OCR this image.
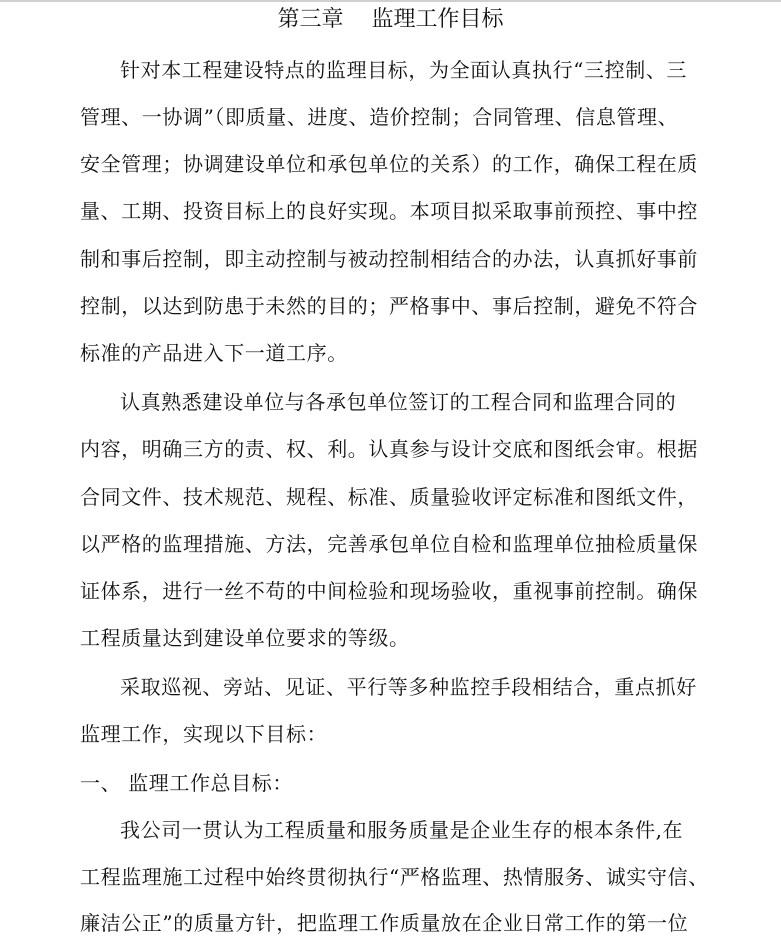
第三章    监理工作目标
针对本工程建设特点的监理目标，为全面认真执行“三控制、三
管理、一协调”（即质量、进度、造价控制；合同管理、信息管理、
安全管理；协调建设单位和承包单位的关系）的工作，确保工程在质
量、工期、投资目标上的良好实现。本项目拟采取事前预控、事中控
制和事后控制，即主动控制与被动控制相结合的办法，认真抓好事前
控制，以达到防患于未然的目的；严格事中、事后控制，避免不符合
标准的产品进入下一道工序。
认真熟悉建设单位与各承包单位签订的工程合同和监理合同的
内容，明确三方的责、权、利。认真参与设计交底和图纸会审。根据
合同文件、技术规范、规程、标准、质量验收评定标准和图纸文件，
以严格的监理措施、方法，完善承包单位自检和监理单位抽检质量保
证体系，进行一丝不苟的中间检验和现场验收，重视事前控制。确保
工程质量达到建设单位要求的等级。
采取巡视、旁站、见证、平行等多种监控手段相结合，重点抓好
监理工作，实现以下目标：
一、 监理工作总目标：
我公司一贯认为工程质量和服务质量是企业生存的根本条件,在
工程监理施工过程中始终贯彻执行“严格监理、热情服务、诚实守信、
廉洁公正”的质量方针，把监理工作质量放在企业日常工作的第一位
